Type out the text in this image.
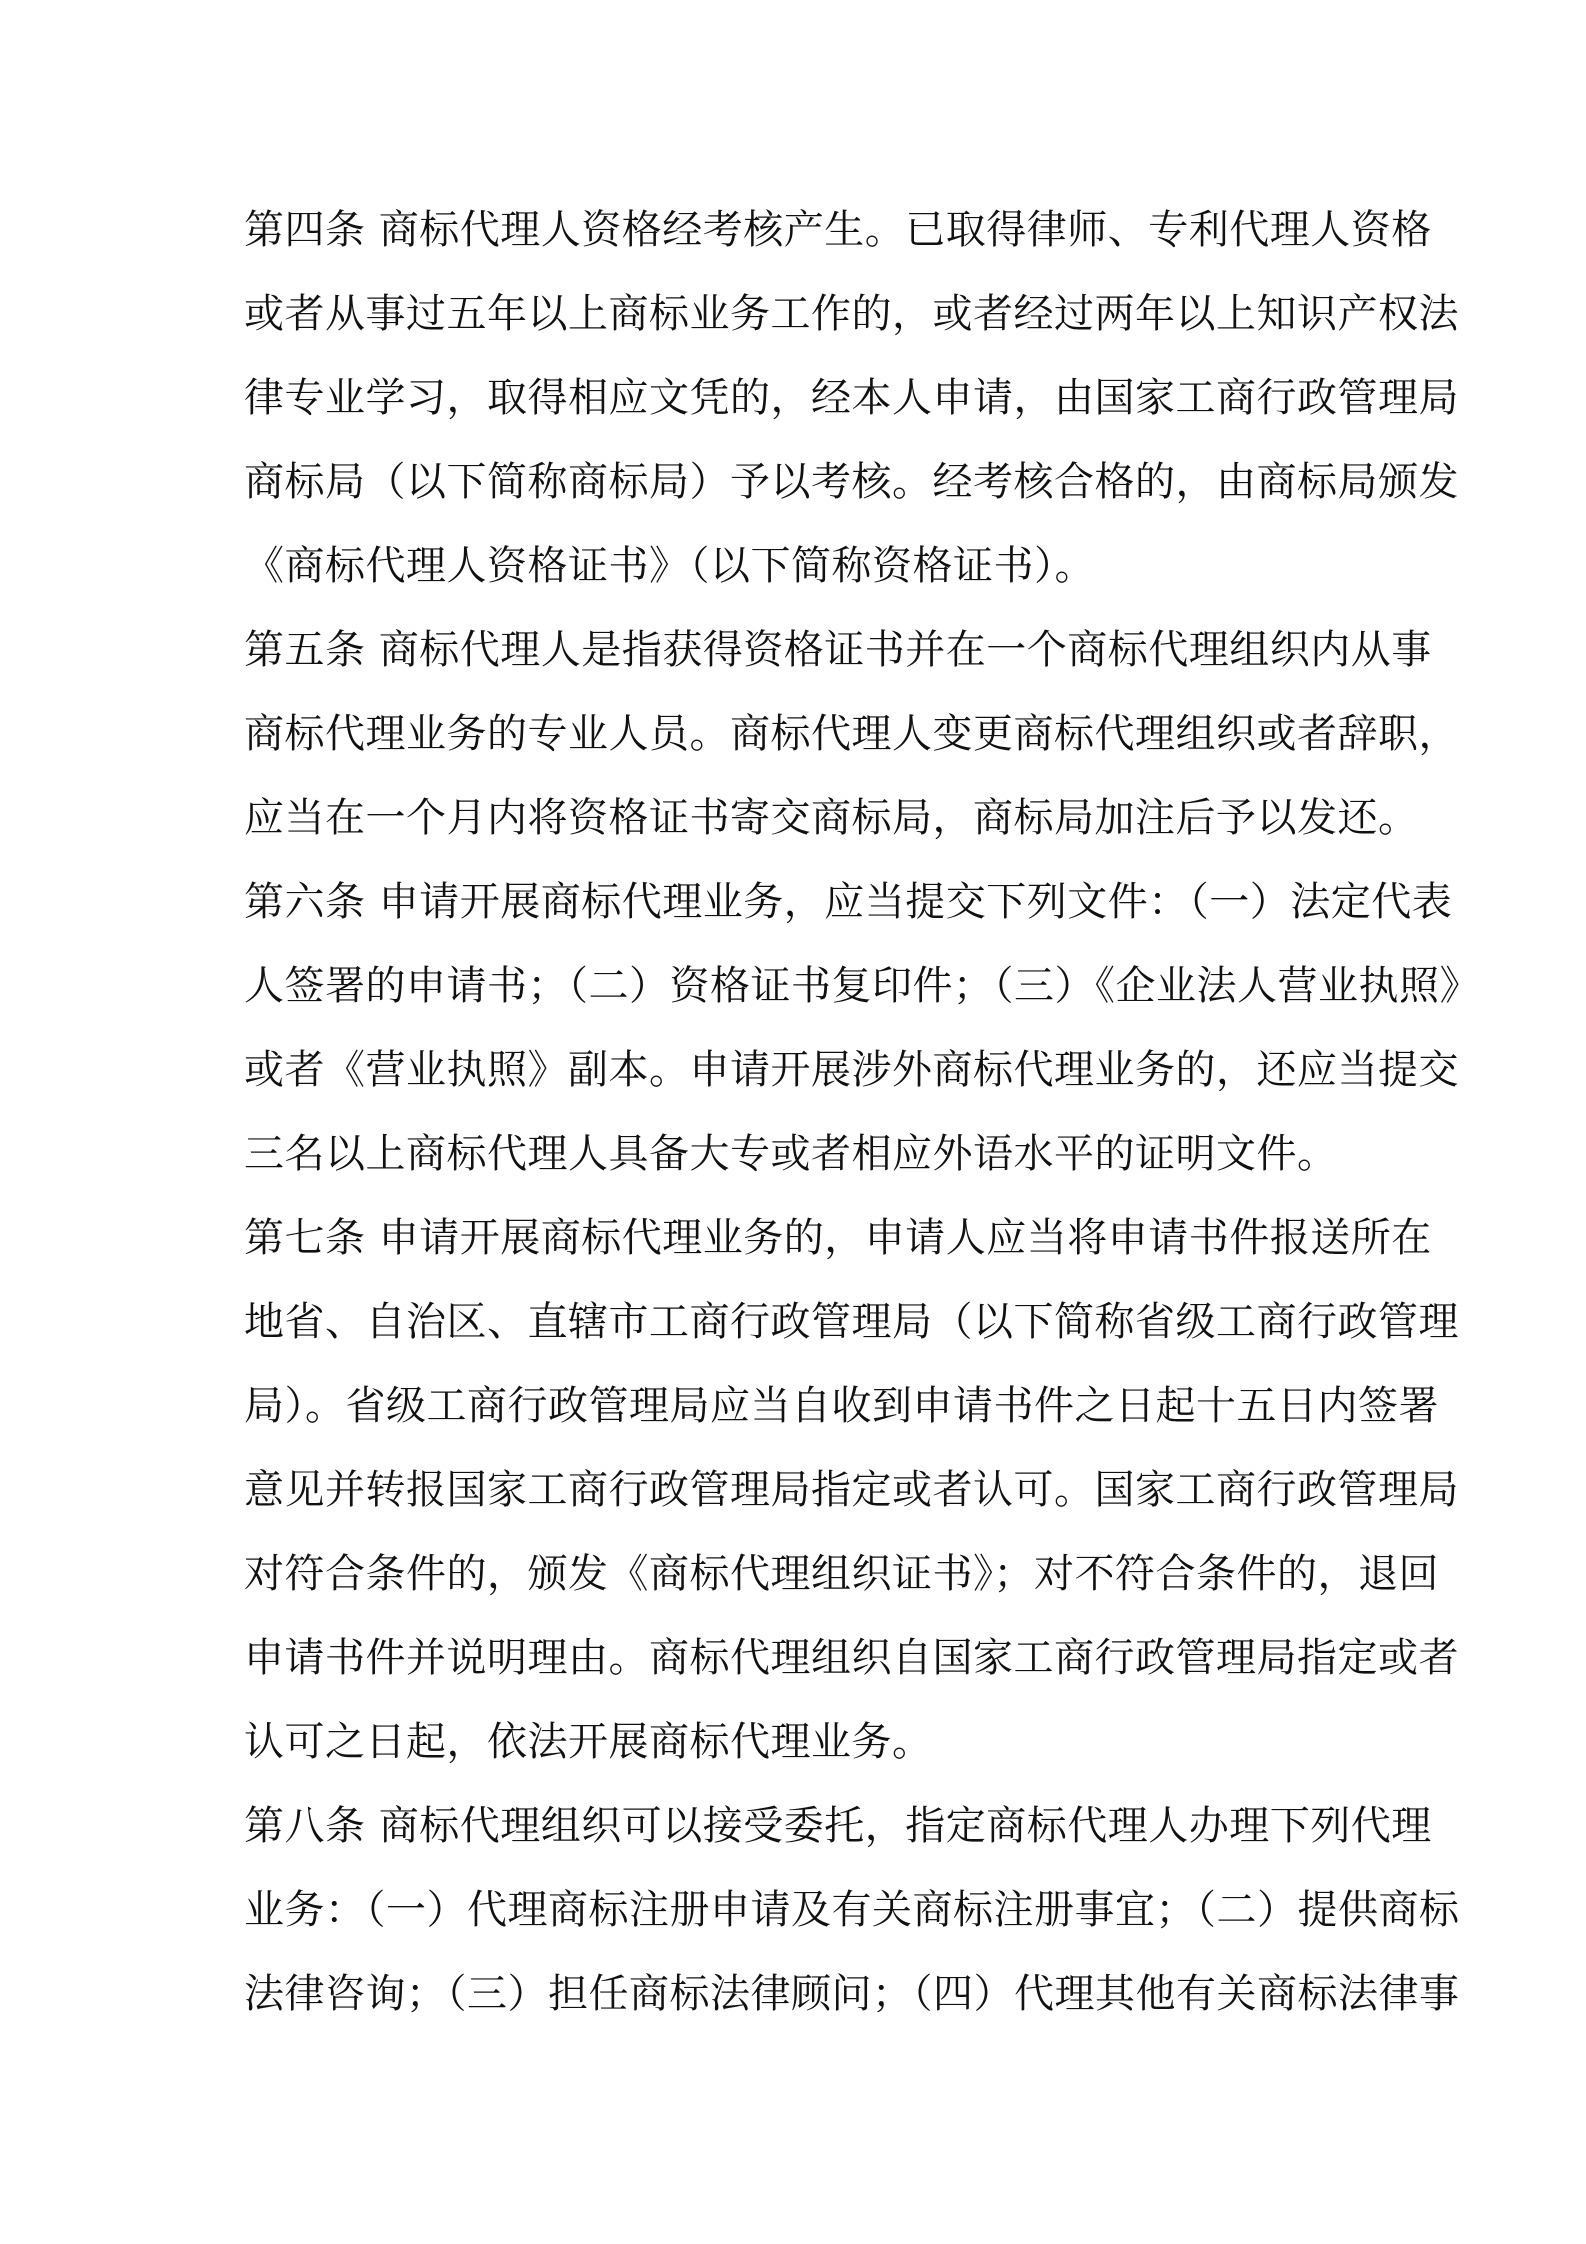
第四条 商标代理人资格经考核产生。已取得律师、专利代理人资格
或者从事过五年以上商标业务工作的，或者经过两年以上知识产权法
律专业学习，取得相应文凭的，经本人申请，由国家工商行政管理局
商标局（以下简称商标局）予以考核。经考核合格的，由商标局颁发
《商标代理人资格证书》（以下简称资格证书）。
第五条 商标代理人是指获得资格证书并在一个商标代理组织内从事
商标代理业务的专业人员。商标代理人变更商标代理组织或者辞职，
应当在一个月内将资格证书寄交商标局，商标局加注后予以发还。
第六条 申请开展商标代理业务，应当提交下列文件：（一）法定代表
人签署的申请书；（二）资格证书复印件；（三）《企业法人营业执照》
或者《营业执照》副本。申请开展涉外商标代理业务的，还应当提交
三名以上商标代理人具备大专或者相应外语水平的证明文件。
第七条 申请开展商标代理业务的，申请人应当将申请书件报送所在
地省、自治区、直辖市工商行政管理局（以下简称省级工商行政管理
局）。省级工商行政管理局应当自收到申请书件之日起十五日内签署
意见并转报国家工商行政管理局指定或者认可。国家工商行政管理局
对符合条件的，颁发《商标代理组织证书》；对不符合条件的，退回
申请书件并说明理由。商标代理组织自国家工商行政管理局指定或者
认可之日起，依法开展商标代理业务。
第八条 商标代理组织可以接受委托，指定商标代理人办理下列代理
业务：（一）代理商标注册申请及有关商标注册事宜；（二）提供商标
法律咨询；（三）担任商标法律顾问；（四）代理其他有关商标法律事
